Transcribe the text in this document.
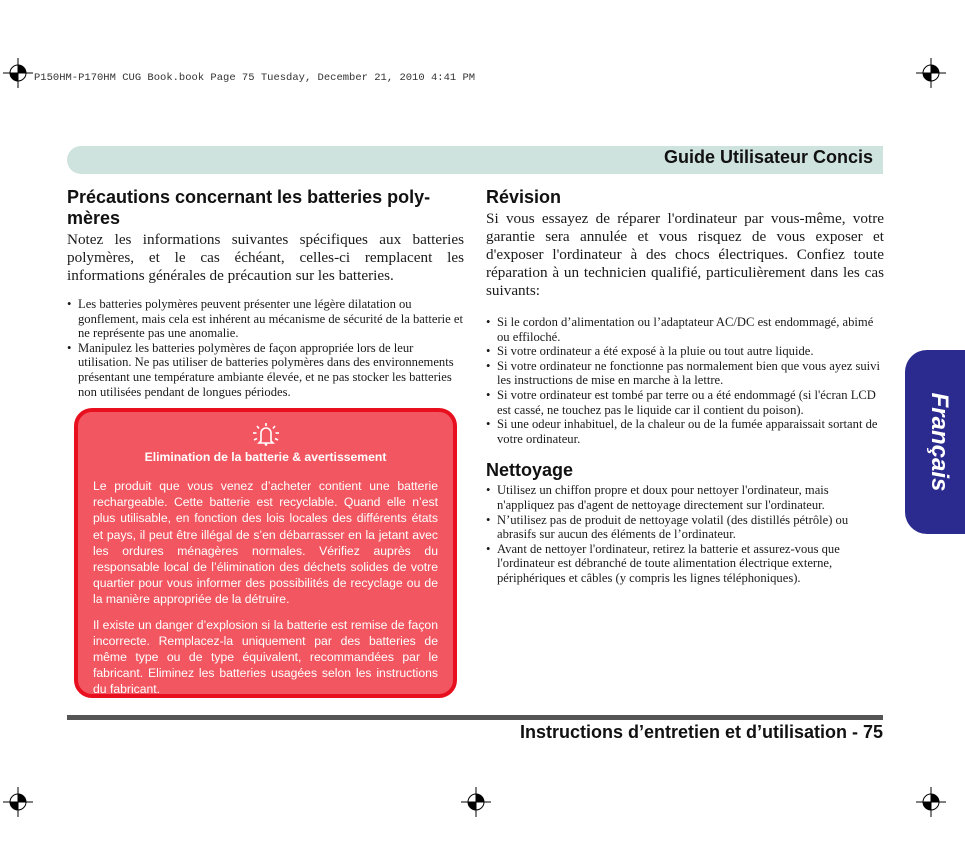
P150HM-P170HM CUG Book.book Page 75 Tuesday, December 21, 2010 4:41 PM
Guide Utilisateur Concis
Français
Précautions concernant les batteries poly-
mères

Notez les informations suivantes spécifiques aux batteries polymères, et le cas échéant, celles-ci remplacent les informations générales de précaution sur les batteries.

• Les batteries polymères peuvent présenter une légère dilatation ou gonflement, mais cela est inhérent au mécanisme de sécurité de la batterie et ne représente pas une anomalie.
• Manipulez les batteries polymères de façon appropriée lors de leur utilisation. Ne pas utiliser de batteries polymères dans des environnements présentant une température ambiante élevée, et ne pas stocker les batteries non utilisées pendant de longues périodes.
Elimination de la batterie & avertissement

Le produit que vous venez d’acheter contient une batterie rechargeable. Cette batterie est recyclable. Quand elle n’est plus utilisable, en fonction des lois locales des différents états et pays, il peut être illégal de s’en débarrasser en la jetant avec les ordures ménagères normales. Vérifiez auprès du responsable local de l’élimination des déchets solides de votre quartier pour vous informer des possibilités de recyclage ou de la manière appropriée de la détruire.

Il existe un danger d’explosion si la batterie est remise de façon incorrecte. Remplacez-la uniquement par des batteries de même type ou de type équivalent, recommandées par le fabricant. Eliminez les batteries usagées selon les instructions du fabricant.

Révision

Si vous essayez de réparer l'ordinateur par vous-même, votre garantie sera annulée et vous risquez de vous exposer et d'exposer l'ordinateur à des chocs électriques. Confiez toute réparation à un technicien qualifié, particulièrement dans les cas suivants:

• Si le cordon d’alimentation ou l’adaptateur AC/DC est endommagé, abimé ou effiloché.
• Si votre ordinateur a été exposé à la pluie ou tout autre liquide.
• Si votre ordinateur ne fonctionne pas normalement bien que vous ayez suivi les instructions de mise en marche à la lettre.
• Si votre ordinateur est tombé par terre ou a été endommagé (si l'écran LCD est cassé, ne touchez pas le liquide car il contient du poison).
• Si une odeur inhabituel, de la chaleur ou de la fumée apparaissait sortant de votre ordinateur.
Nettoyage
• Utilisez un chiffon propre et doux pour nettoyer l'ordinateur, mais n'appliquez pas d'agent de nettoyage directement sur l'ordinateur.
• N’utilisez pas de produit de nettoyage volatil (des distillés pétrôle) ou abrasifs sur aucun des éléments de l’ordinateur.
• Avant de nettoyer l'ordinateur, retirez la batterie et assurez-vous que l'ordinateur est débranché de toute alimentation électrique externe, périphériques et câbles (y compris les lignes téléphoniques).
Instructions d’entretien et d’utilisation - 75
